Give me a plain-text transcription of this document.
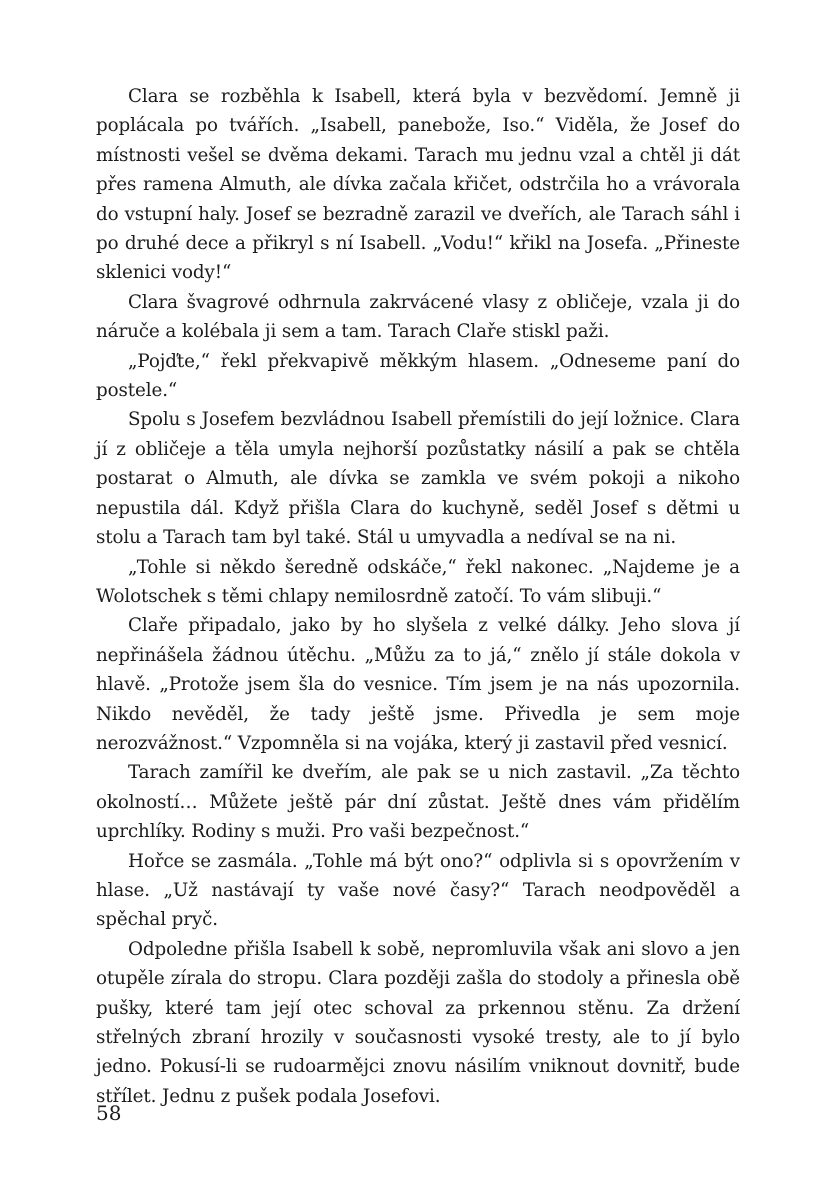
Clara se rozběhla k Isabell, která byla v bezvědomí. Jemně ji poplácala po tvářích. „Isabell, panebože, Iso.“ Viděla, že Josef do místnosti vešel se dvěma dekami. Tarach mu jednu vzal a chtěl ji dát přes ramena Almuth, ale dívka začala křičet, odstrčila ho a vrávorala do vstupní haly. Josef se bezradně zarazil ve dveřích, ale Tarach sáhl i po druhé dece a přikryl s ní Isabell. „Vodu!“ křikl na Josefa. „Přineste sklenici vody!“

Clara švagrové odhrnula zakrvácené vlasy z obličeje, vzala ji do náruče a kolébala ji sem a tam. Tarach Claře stiskl paži.

„Pojďte,“ řekl překvapivě měkkým hlasem. „Odneseme paní do postele.“

Spolu s Josefem bezvládnou Isabell přemístili do její ložnice. Clara jí z obličeje a těla umyla nejhorší pozůstatky násilí a pak se chtěla postarat o Almuth, ale dívka se zamkla ve svém pokoji a nikoho nepustila dál. Když přišla Clara do kuchyně, seděl Josef s dětmi u stolu a Tarach tam byl také. Stál u umyvadla a nedíval se na ni.

„Tohle si někdo šeredně odskáče,“ řekl nakonec. „Najdeme je a Wolotschek s těmi chlapy nemilosrdně zatočí. To vám slibuji.“

Claře připadalo, jako by ho slyšela z velké dálky. Jeho slova jí nepřinášela žádnou útěchu. „Můžu za to já,“ znělo jí stále dokola v hlavě. „Protože jsem šla do vesnice. Tím jsem je na nás upozornila. Nikdo nevěděl, že tady ještě jsme. Přivedla je sem moje nerozvážnost.“ Vzpomněla si na vojáka, který ji zastavil před vesnicí.

Tarach zamířil ke dveřím, ale pak se u nich zastavil. „Za těchto okolností… Můžete ještě pár dní zůstat. Ještě dnes vám přidělím uprchlíky. Rodiny s muži. Pro vaši bezpečnost.“

Hořce se zasmála. „Tohle má být ono?“ odplivla si s opovržením v hlase. „Už nastávají ty vaše nové časy?“ Tarach neodpověděl a spěchal pryč.

Odpoledne přišla Isabell k sobě, nepromluvila však ani slovo a jen otupěle zírala do stropu. Clara později zašla do stodoly a přinesla obě pušky, které tam její otec schoval za prkennou stěnu. Za držení střelných zbraní hrozily v současnosti vysoké tresty, ale to jí bylo jedno. Pokusí-li se rudoarmějci znovu násilím vniknout dovnitř, bude střílet. Jednu z pušek podala Josefovi.

58
